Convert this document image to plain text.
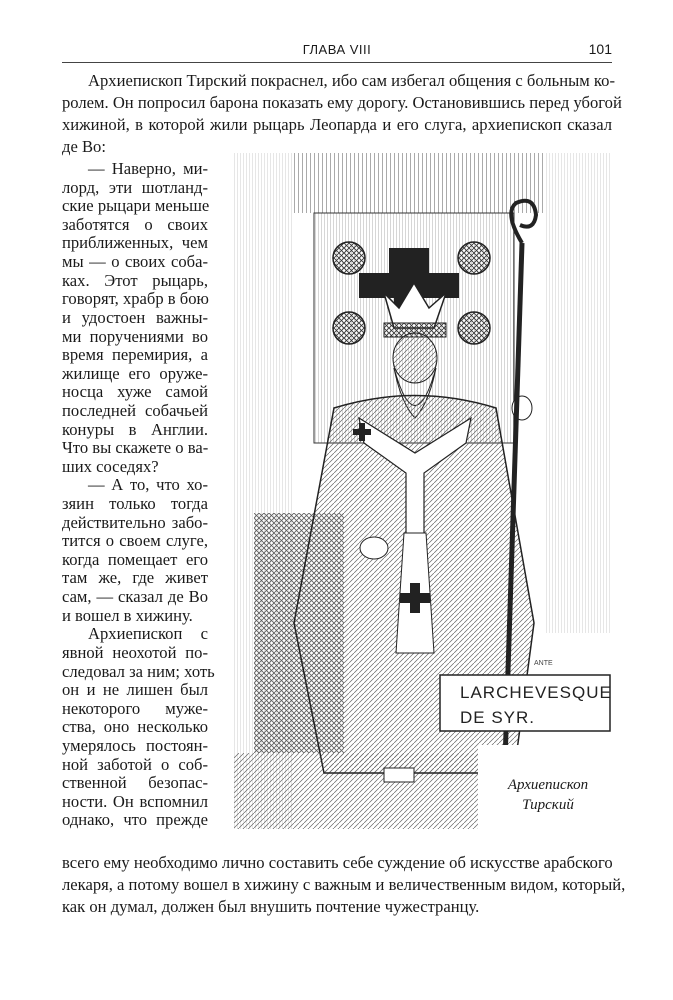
ГЛАВА VIII	101
Архиепископ Тирский покраснел, ибо сам избегал общения с больным ко-
ролем. Он попросил барона показать ему дорогу. Остановившись перед убогой
хижиной, в которой жили рыцарь Леопарда и его слуга, архиепископ сказал
де Во:
— Наверно, ми-
лорд, эти шотланд-
ские рыцари меньше
заботятся о своих
приближенных, чем
мы — о своих соба-
ках. Этот рыцарь,
говорят, храбр в бою
и удостоен важны-
ми поручениями во
время перемирия, а
жилище его оруже-
носца хуже самой
последней собачьей
конуры в Англии.
Что вы скажете о ва-
ших соседях?
— А то, что хо-
зяин только тогда
действительно забо-
тится о своем слуге,
когда помещает его
там же, где живет
сам, — сказал де Во
и вошел в хижину.
Архиепископ с
явной неохотой по-
следовал за ним; хоть
он и не лишен был
некоторого муже-
ства, оно несколько
умерялось постоян-
ной заботой о соб-
ственной безопас-
ности. Он вспомнил
однако, что прежде
LARCHEVESQUE
DE SYR.
ANTE
Архиепископ
Тирский
всего ему необходимо лично составить себе суждение об искусстве арабского
лекаря, а потому вошел в хижину с важным и величественным видом, который,
как он думал, должен был внушить почтение чужестранцу.
